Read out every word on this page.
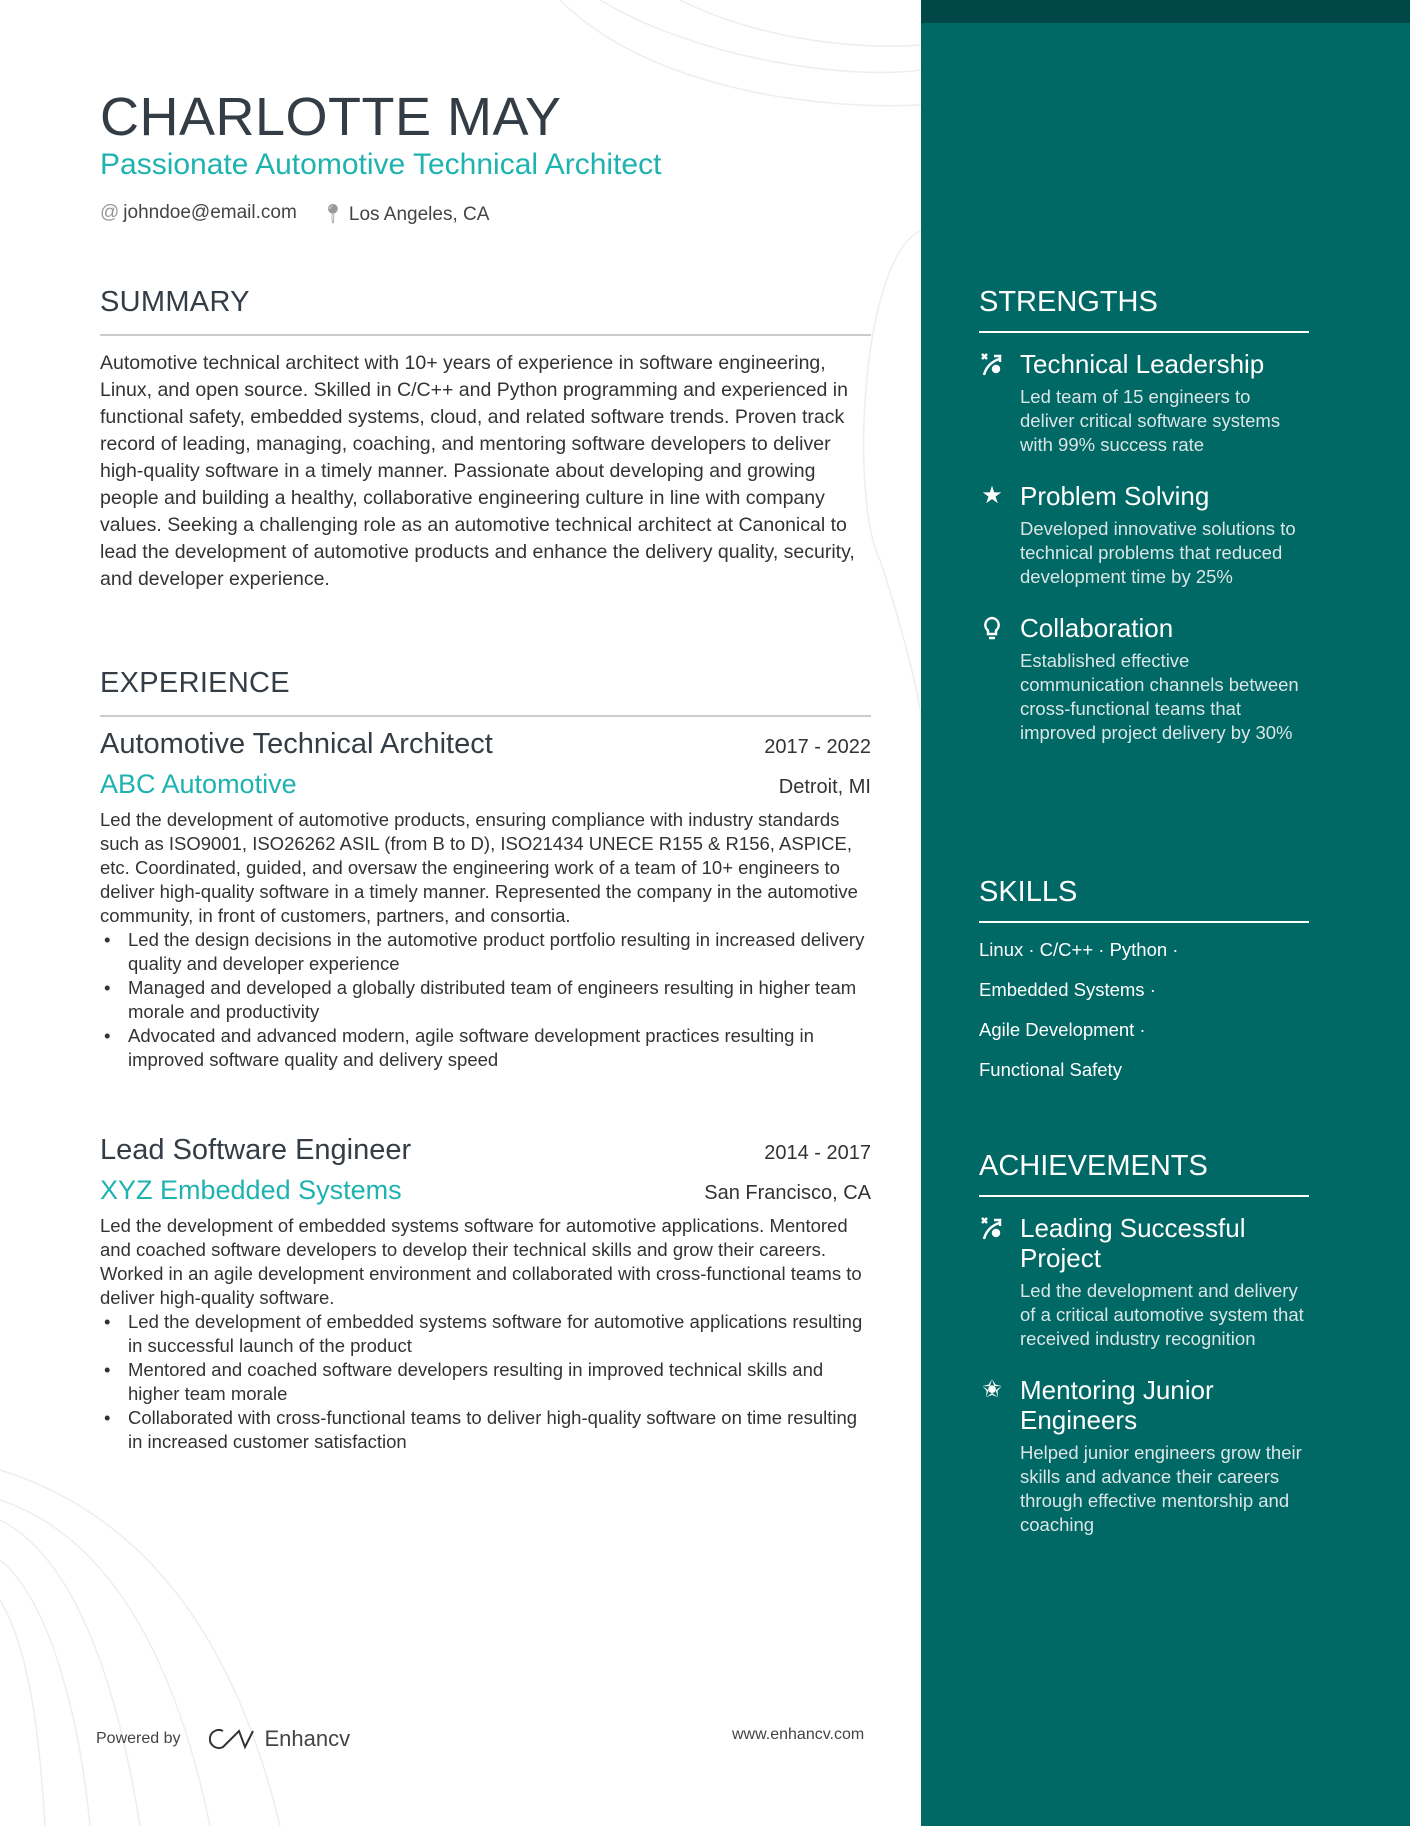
CHARLOTTE MAY
Passionate Automotive Technical Architect
@ johndoe@email.com 📍︎ Los Angeles, CA
SUMMARY
Automotive technical architect with 10+ years of experience in software engineering, Linux, and open source. Skilled in C/C++ and Python programming and experienced in functional safety, embedded systems, cloud, and related software trends. Proven track record of leading, managing, coaching, and mentoring software developers to deliver high-quality software in a timely manner. Passionate about developing and growing people and building a healthy, collaborative engineering culture in line with company values. Seeking a challenging role as an automotive technical architect at Canonical to lead the development of automotive products and enhance the delivery quality, security, and developer experience.
EXPERIENCE
Automotive Technical Architect	2017 - 2022
ABC Automotive	Detroit, MI
Led the development of automotive products, ensuring compliance with industry standards such as ISO9001, ISO26262 ASIL (from B to D), ISO21434 UNECE R155 & R156, ASPICE, etc. Coordinated, guided, and oversaw the engineering work of a team of 10+ engineers to deliver high-quality software in a timely manner. Represented the company in the automotive community, in front of customers, partners, and consortia.
• Led the design decisions in the automotive product portfolio resulting in increased delivery quality and developer experience
• Managed and developed a globally distributed team of engineers resulting in higher team morale and productivity
• Advocated and advanced modern, agile software development practices resulting in improved software quality and delivery speed
Lead Software Engineer	2014 - 2017
XYZ Embedded Systems	San Francisco, CA
Led the development of embedded systems software for automotive applications. Mentored and coached software developers to develop their technical skills and grow their careers. Worked in an agile development environment and collaborated with cross-functional teams to deliver high-quality software.
• Led the development of embedded systems software for automotive applications resulting in successful launch of the product
• Mentored and coached software developers resulting in improved technical skills and higher team morale
• Collaborated with cross-functional teams to deliver high-quality software on time resulting in increased customer satisfaction
Powered by	Enhancv	www.enhancv.com
STRENGTHS
Technical Leadership
Led team of 15 engineers to deliver critical software systems with 99% success rate
★ Problem Solving
Developed innovative solutions to technical problems that reduced development time by 25%
Collaboration
Established effective communication channels between cross-functional teams that improved project delivery by 30%
SKILLS
Linux · C/C++ · Python ·
Embedded Systems ·
Agile Development ·
Functional Safety
ACHIEVEMENTS
Leading Successful Project
Led the development and delivery of a critical automotive system that received industry recognition
✬ Mentoring Junior Engineers
Helped junior engineers grow their skills and advance their careers through effective mentorship and coaching
